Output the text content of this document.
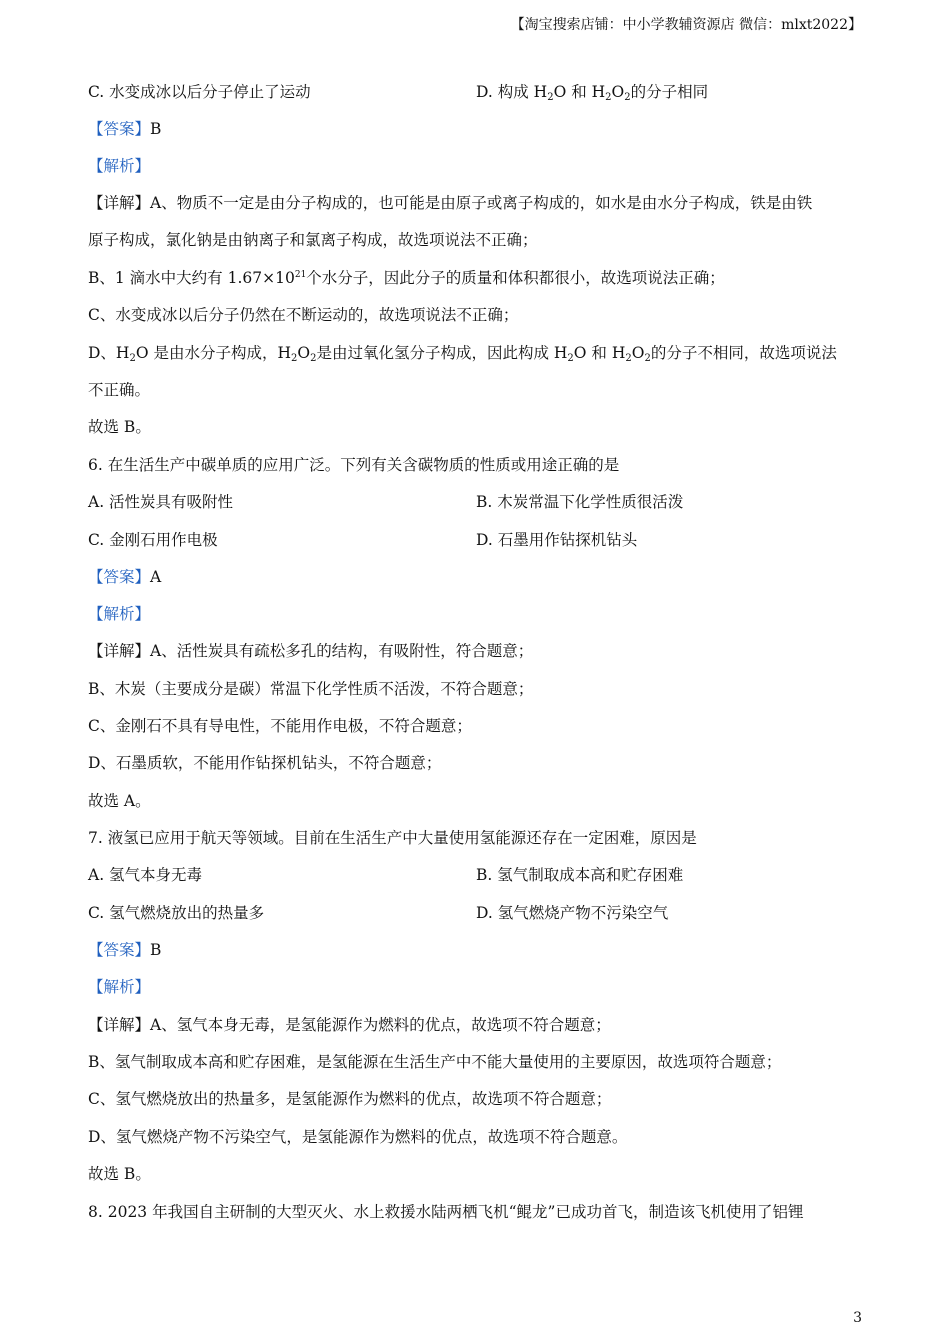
【淘宝搜索店铺：中小学教辅资源店 微信：mlxt2022】
C. 水变成冰以后分子停止了运动	D. 构成 $H_2O$ 和 $H_2O_2$的分子相同
【答案】B
【解析】
【详解】A、物质不一定是由分子构成的，也可能是由原子或离子构成的，如水是由水分子构成，铁是由铁
原子构成，氯化钠是由钠离子和氯离子构成，故选项说法不正确；
B、1 滴水中大约有 $1.67\times 10^{21}$个水分子，因此分子的质量和体积都很小，故选项说法正确；
C、水变成冰以后分子仍然在不断运动的，故选项说法不正确；
D、$H_2O$ 是由水分子构成，$H_2O_2$是由过氧化氢分子构成，因此构成 $H_2O$ 和 $H_2O_2$的分子不相同，故选项说法
不正确。
故选 B。
6. 在生活生产中碳单质的应用广泛。下列有关含碳物质的性质或用途正确的是
A. 活性炭具有吸附性	B. 木炭常温下化学性质很活泼
C. 金刚石用作电极	D. 石墨用作钻探机钻头
【答案】A
【解析】
【详解】A、活性炭具有疏松多孔的结构，有吸附性，符合题意；
B、木炭（主要成分是碳）常温下化学性质不活泼，不符合题意；
C、金刚石不具有导电性，不能用作电极，不符合题意；
D、石墨质软，不能用作钻探机钻头，不符合题意；
故选 A。
7. 液氢已应用于航天等领域。目前在生活生产中大量使用氢能源还存在一定困难，原因是
A. 氢气本身无毒	B. 氢气制取成本高和贮存困难
C. 氢气燃烧放出的热量多	D. 氢气燃烧产物不污染空气
【答案】B
【解析】
【详解】A、氢气本身无毒，是氢能源作为燃料的优点，故选项不符合题意；
B、氢气制取成本高和贮存困难，是氢能源在生活生产中不能大量使用的主要原因，故选项符合题意；
C、氢气燃烧放出的热量多，是氢能源作为燃料的优点，故选项不符合题意；
D、氢气燃烧产物不污染空气，是氢能源作为燃料的优点，故选项不符合题意。
故选 B。
8. 2023 年我国自主研制的大型灭火、水上救援水陆两栖飞机“鲲龙”已成功首飞，制造该飞机使用了铝锂
3
